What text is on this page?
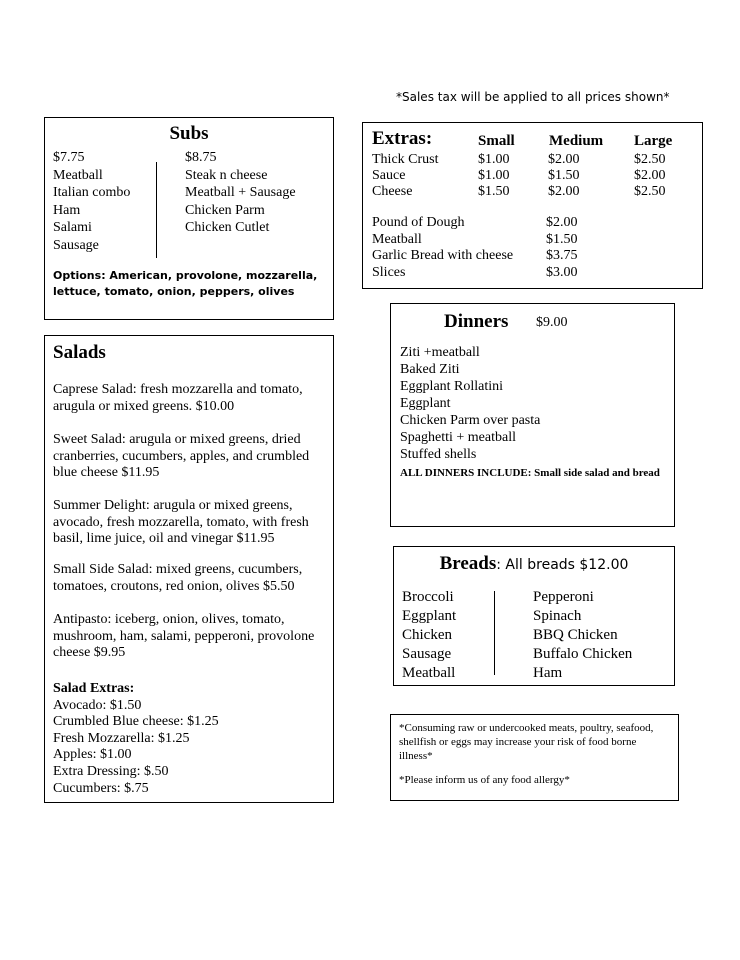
*Sales tax will be applied to all prices shown*
Subs
$7.75
Meatball
Italian combo
Ham
Salami
Sausage
$8.75
Steak n cheese
Meatball + Sausage
Chicken Parm
Chicken Cutlet
Options: American, provolone, mozzarella, lettuce, tomato, onion, peppers, olives
Extras:	Small Medium Large
Thick Crust
Sauce
Cheese
$1.00
$1.00
$1.50
$2.00
$1.50
$2.00
$2.50
$2.00
$2.50
Pound of Dough
Meatball
Garlic Bread with cheese
Slices
$2.00
$1.50
$3.75
$3.00
Dinners $9.00
Ziti +meatball
Baked Ziti
Eggplant Rollatini
Eggplant
Chicken Parm over pasta
Spaghetti + meatball
Stuffed shells
ALL DINNERS INCLUDE: Small side salad and bread
Salads
Caprese Salad: fresh mozzarella and tomato, arugula or mixed greens. $10.00
Sweet Salad: arugula or mixed greens, dried cranberries, cucumbers, apples, and crumbled blue cheese $11.95
Summer Delight: arugula or mixed greens, avocado, fresh mozzarella, tomato, with fresh basil, lime juice, oil and vinegar $11.95
Small Side Salad: mixed greens, cucumbers, tomatoes, croutons, red onion, olives $5.50
Antipasto: iceberg, onion, olives, tomato, mushroom, ham, salami, pepperoni, provolone cheese $9.95
Salad Extras:
Avocado: $1.50
Crumbled Blue cheese: $1.25
Fresh Mozzarella: $1.25
Apples: $1.00
Extra Dressing: $.50
Cucumbers: $.75
Breads: All breads $12.00
Broccoli
Eggplant
Chicken
Sausage
Meatball
Pepperoni
Spinach
BBQ Chicken
Buffalo Chicken
Ham
*Consuming raw or undercooked meats, poultry, seafood, shellfish or eggs may increase your risk of food borne illness*
*Please inform us of any food allergy*
